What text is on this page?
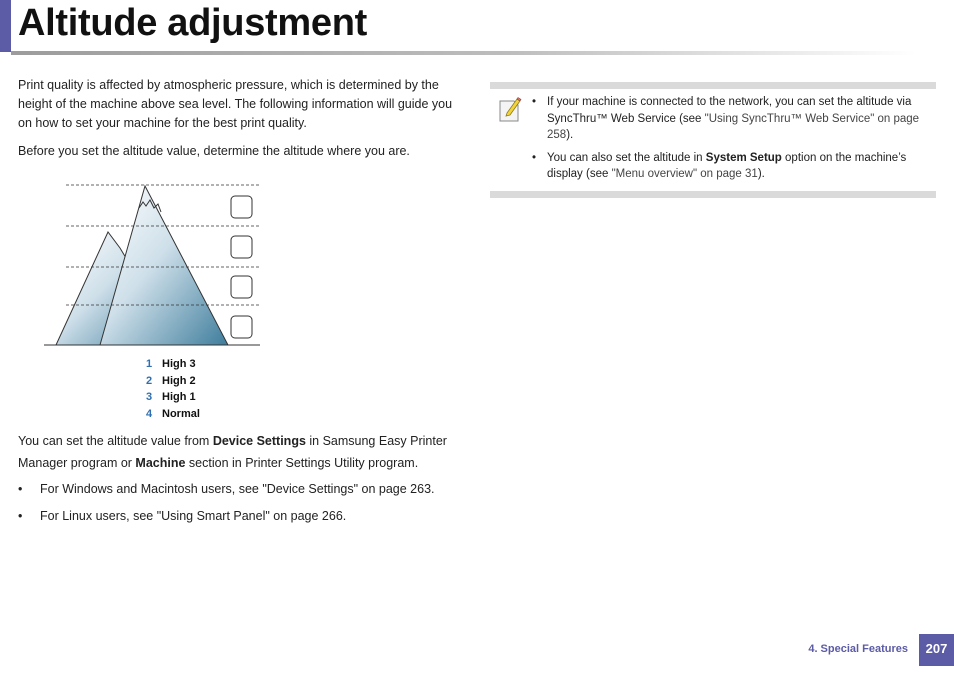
Altitude adjustment

Print quality is affected by atmospheric pressure, which is determined by the height of the machine above sea level. The following information will guide you on how to set your machine for the best print quality.

Before you set the altitude value, determine the altitude where you are.

1
2
3
4
1 High 3
2 High 2
3 High 1
4 Normal

You can set the altitude value from Device Settings in Samsung Easy Printer Manager program or Machine section in Printer Settings Utility program.

• For Windows and Macintosh users, see "Device Settings" on page 263.
• For Linux users, see "Using Smart Panel" on page 266.
• If your machine is connected to the network, you can set the altitude via SyncThru™ Web Service (see "Using SyncThru™ Web Service" on page 258).
• You can also set the altitude in System Setup option on the machine’s display (see "Menu overview" on page 31).
4. Special Features	207
